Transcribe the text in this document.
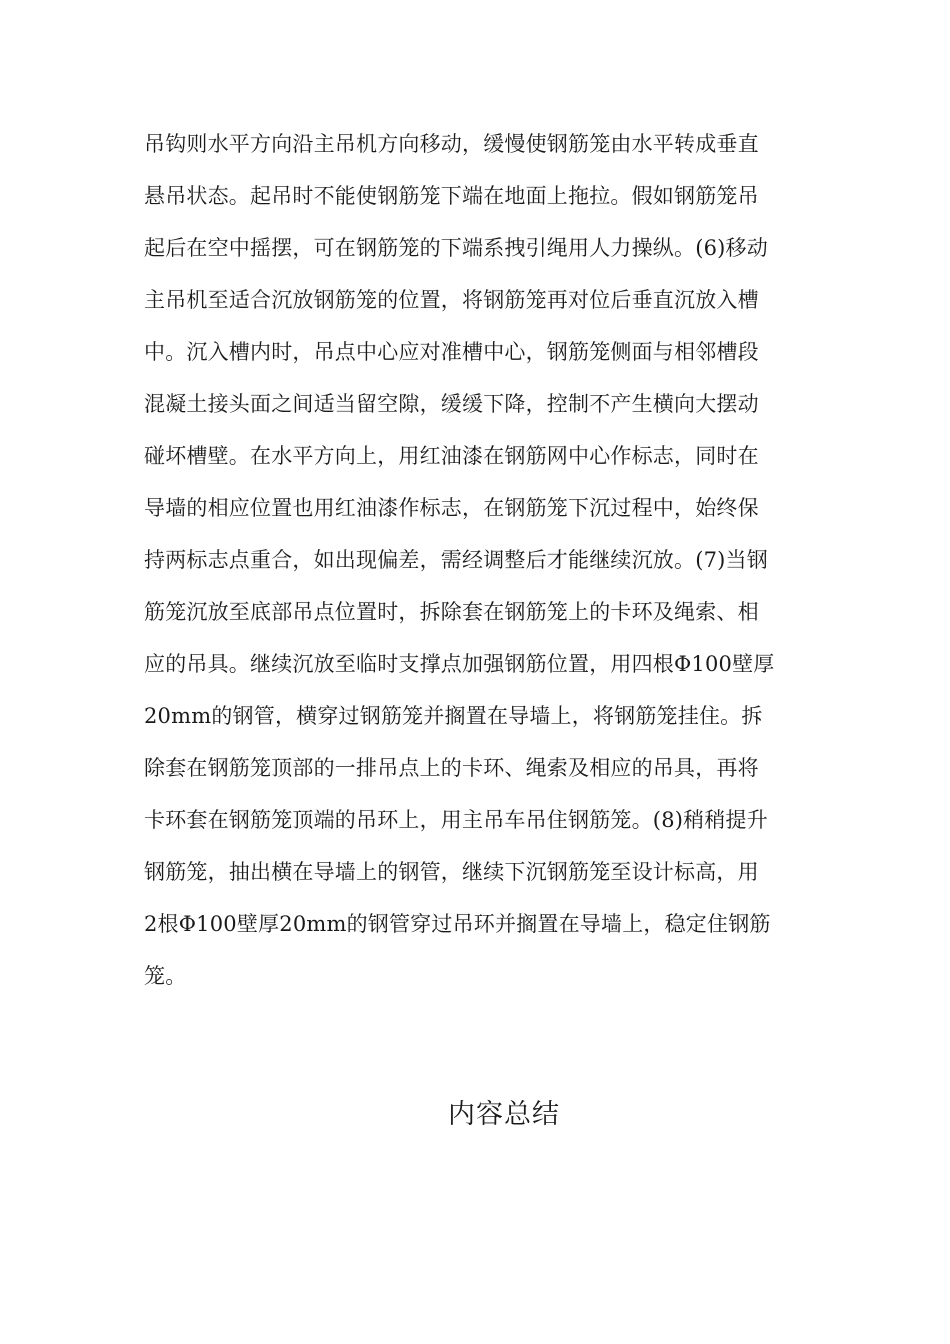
吊钩则水平方向沿主吊机方向移动，缓慢使钢筋笼由水平转成垂直
悬吊状态。起吊时不能使钢筋笼下端在地面上拖拉。假如钢筋笼吊
起后在空中摇摆，可在钢筋笼的下端系拽引绳用人力操纵。(6)移动
主吊机至适合沉放钢筋笼的位置，将钢筋笼再对位后垂直沉放入槽
中。沉入槽内时，吊点中心应对准槽中心，钢筋笼侧面与相邻槽段
混凝土接头面之间适当留空隙，缓缓下降，控制不产生横向大摆动
碰坏槽壁。在水平方向上，用红油漆在钢筋网中心作标志，同时在
导墙的相应位置也用红油漆作标志，在钢筋笼下沉过程中，始终保
持两标志点重合，如出现偏差，需经调整后才能继续沉放。(7)当钢
筋笼沉放至底部吊点位置时，拆除套在钢筋笼上的卡环及绳索、相
应的吊具。继续沉放至临时支撑点加强钢筋位置，用四根Φ100壁厚
20mm的钢管，横穿过钢筋笼并搁置在导墙上，将钢筋笼挂住。拆
除套在钢筋笼顶部的一排吊点上的卡环、绳索及相应的吊具，再将
卡环套在钢筋笼顶端的吊环上，用主吊车吊住钢筋笼。(8)稍稍提升
钢筋笼，抽出横在导墙上的钢管，继续下沉钢筋笼至设计标高，用
2根Φ100壁厚20mm的钢管穿过吊环并搁置在导墙上，稳定住钢筋
笼。
内容总结
